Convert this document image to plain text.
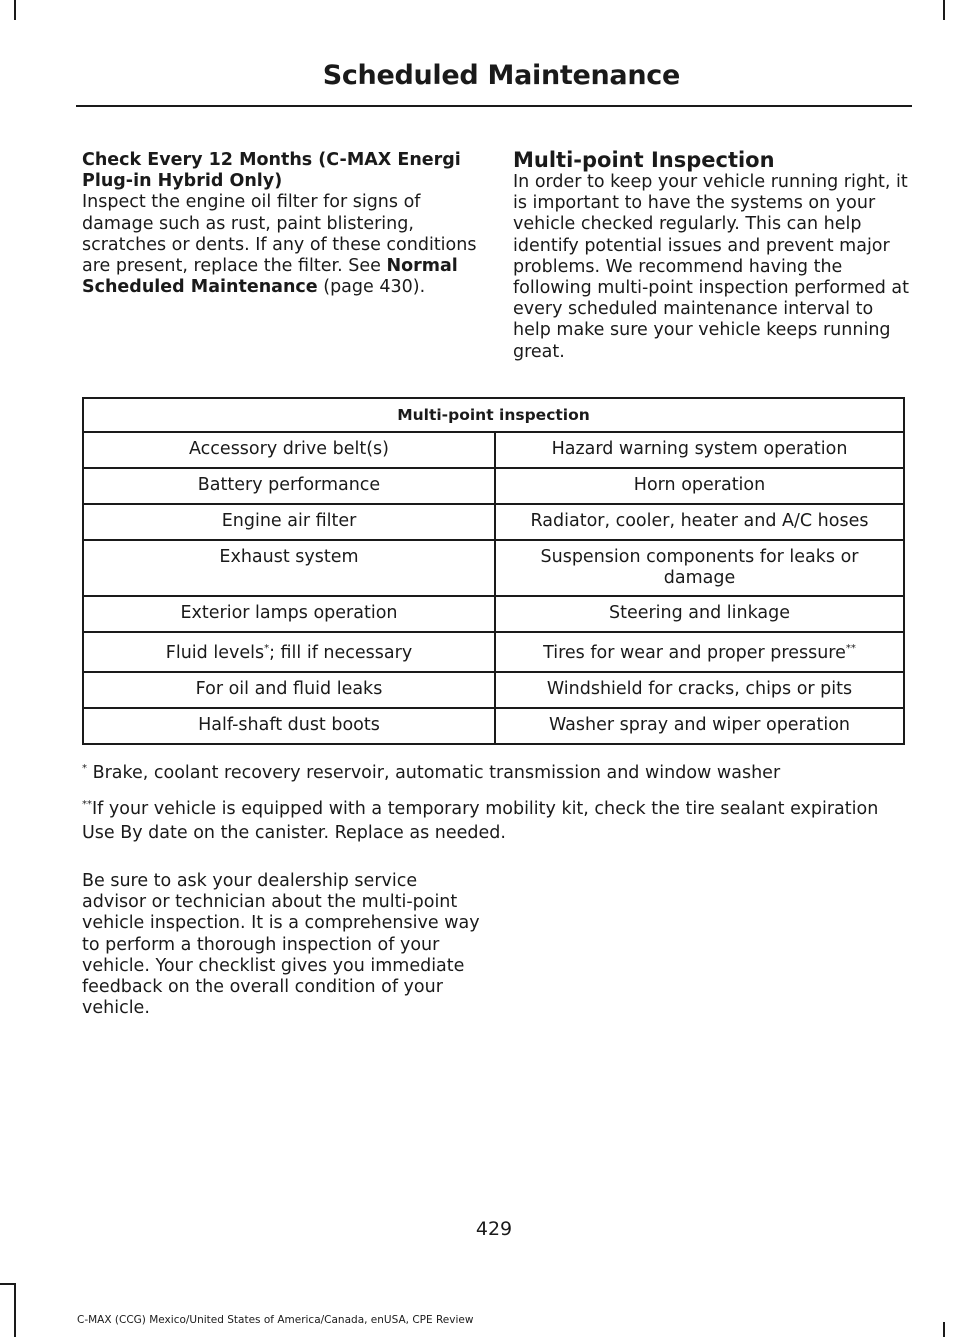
Scheduled Maintenance

Check Every 12 Months (C-MAX Energi Plug-in Hybrid Only)

Inspect the engine oil filter for signs of damage such as rust, paint blistering, scratches or dents. If any of these conditions are present, replace the filter. See Normal Scheduled Maintenance (page 430).

Multi-point Inspection

In order to keep your vehicle running right, it is important to have the systems on your vehicle checked regularly. This can help identify potential issues and prevent major problems. We recommend having the following multi-point inspection performed at every scheduled maintenance interval to help make sure your vehicle keeps running great.

Multi-point inspection	
Accessory drive belt(s)	Hazard warning system operation
Battery performance	Horn operation
Engine air filter	Radiator, cooler, heater and A/C hoses
Exhaust system	Suspension components for leaks or damage
Exterior lamps operation	Steering and linkage
Fluid levels*; fill if necessary	Tires for wear and proper pressure**
For oil and fluid leaks	Windshield for cracks, chips or pits
Half-shaft dust boots	Washer spray and wiper operation
* Brake, coolant recovery reservoir, automatic transmission and window washer
**If your vehicle is equipped with a temporary mobility kit, check the tire sealant expiration Use By date on the canister. Replace as needed.
Be sure to ask your dealership service advisor or technician about the multi-point vehicle inspection. It is a comprehensive way to perform a thorough inspection of your vehicle. Your checklist gives you immediate feedback on the overall condition of your vehicle.
429
C-MAX (CCG) Mexico/United States of America/Canada, enUSA, CPE Review
